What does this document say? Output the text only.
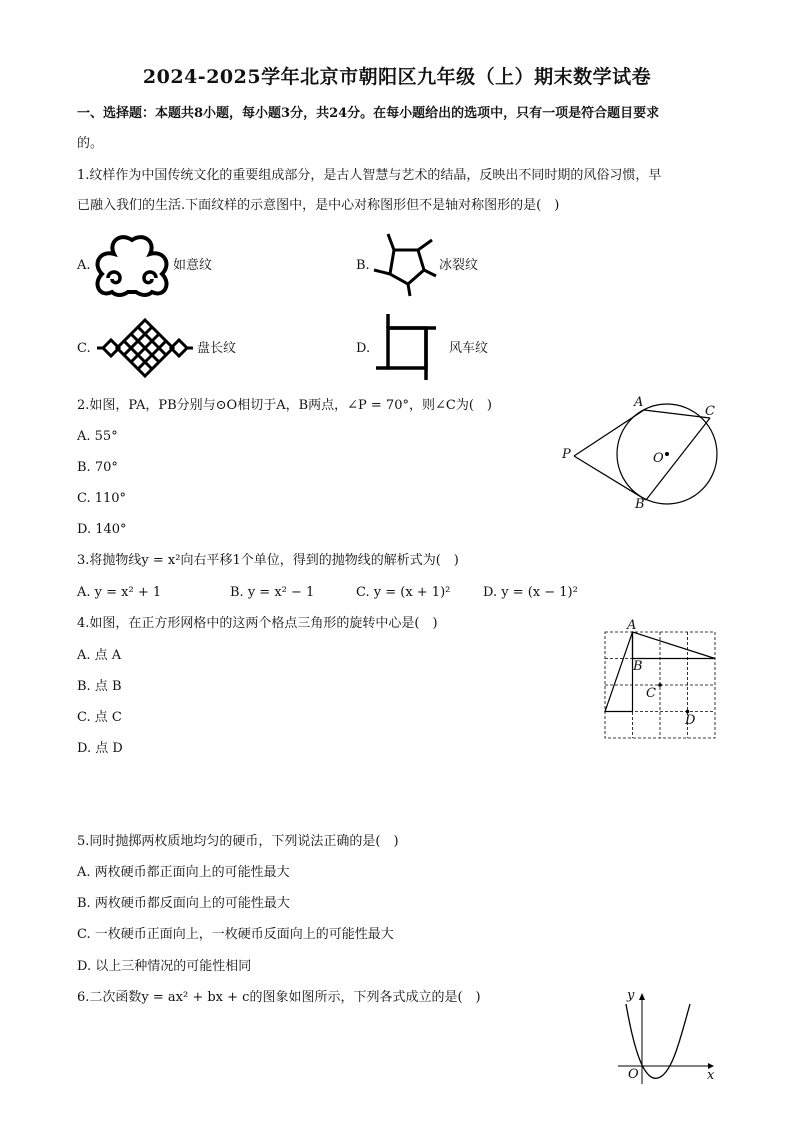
2024-2025学年北京市朝阳区九年级（上）期末数学试卷
一、选择题：本题共8小题，每小题3分，共24分。在每小题给出的选项中，只有一项是符合题目要求
的。
1.纹样作为中国传统文化的重要组成部分，是古人智慧与艺术的结晶，反映出不同时期的风俗习惯，早
已融入我们的生活.下面纹样的示意图中，是中心对称图形但不是轴对称图形的是(　)
A.	如意纹	B.	冰裂纹
C.	盘长纹	D.	风车纹
2.如图，PA，PB分别与⊙O相切于A，B两点，∠P = 70°，则∠C为(　)
A. 55°
B. 70°
C. 110°
D. 140°
A
C
P	O
B
3.将抛物线y = x²向右平移1个单位，得到的抛物线的解析式为(　)
A. y = x² + 1	B. y = x² − 1	C. y = (x + 1)²	D. y = (x − 1)²
4.如图，在正方形网格中的这两个格点三角形的旋转中心是(　)
A. 点 A
B. 点 B
C. 点 C
D. 点 D
A
B
C
D
5.同时抛掷两枚质地均匀的硬币，下列说法正确的是(　)
A. 两枚硬币都正面向上的可能性最大
B. 两枚硬币都反面向上的可能性最大
C. 一枚硬币正面向上，一枚硬币反面向上的可能性最大
D. 以上三种情况的可能性相同
6.二次函数y = ax² + bx + c的图象如图所示，下列各式成立的是(　)	y
x
O
